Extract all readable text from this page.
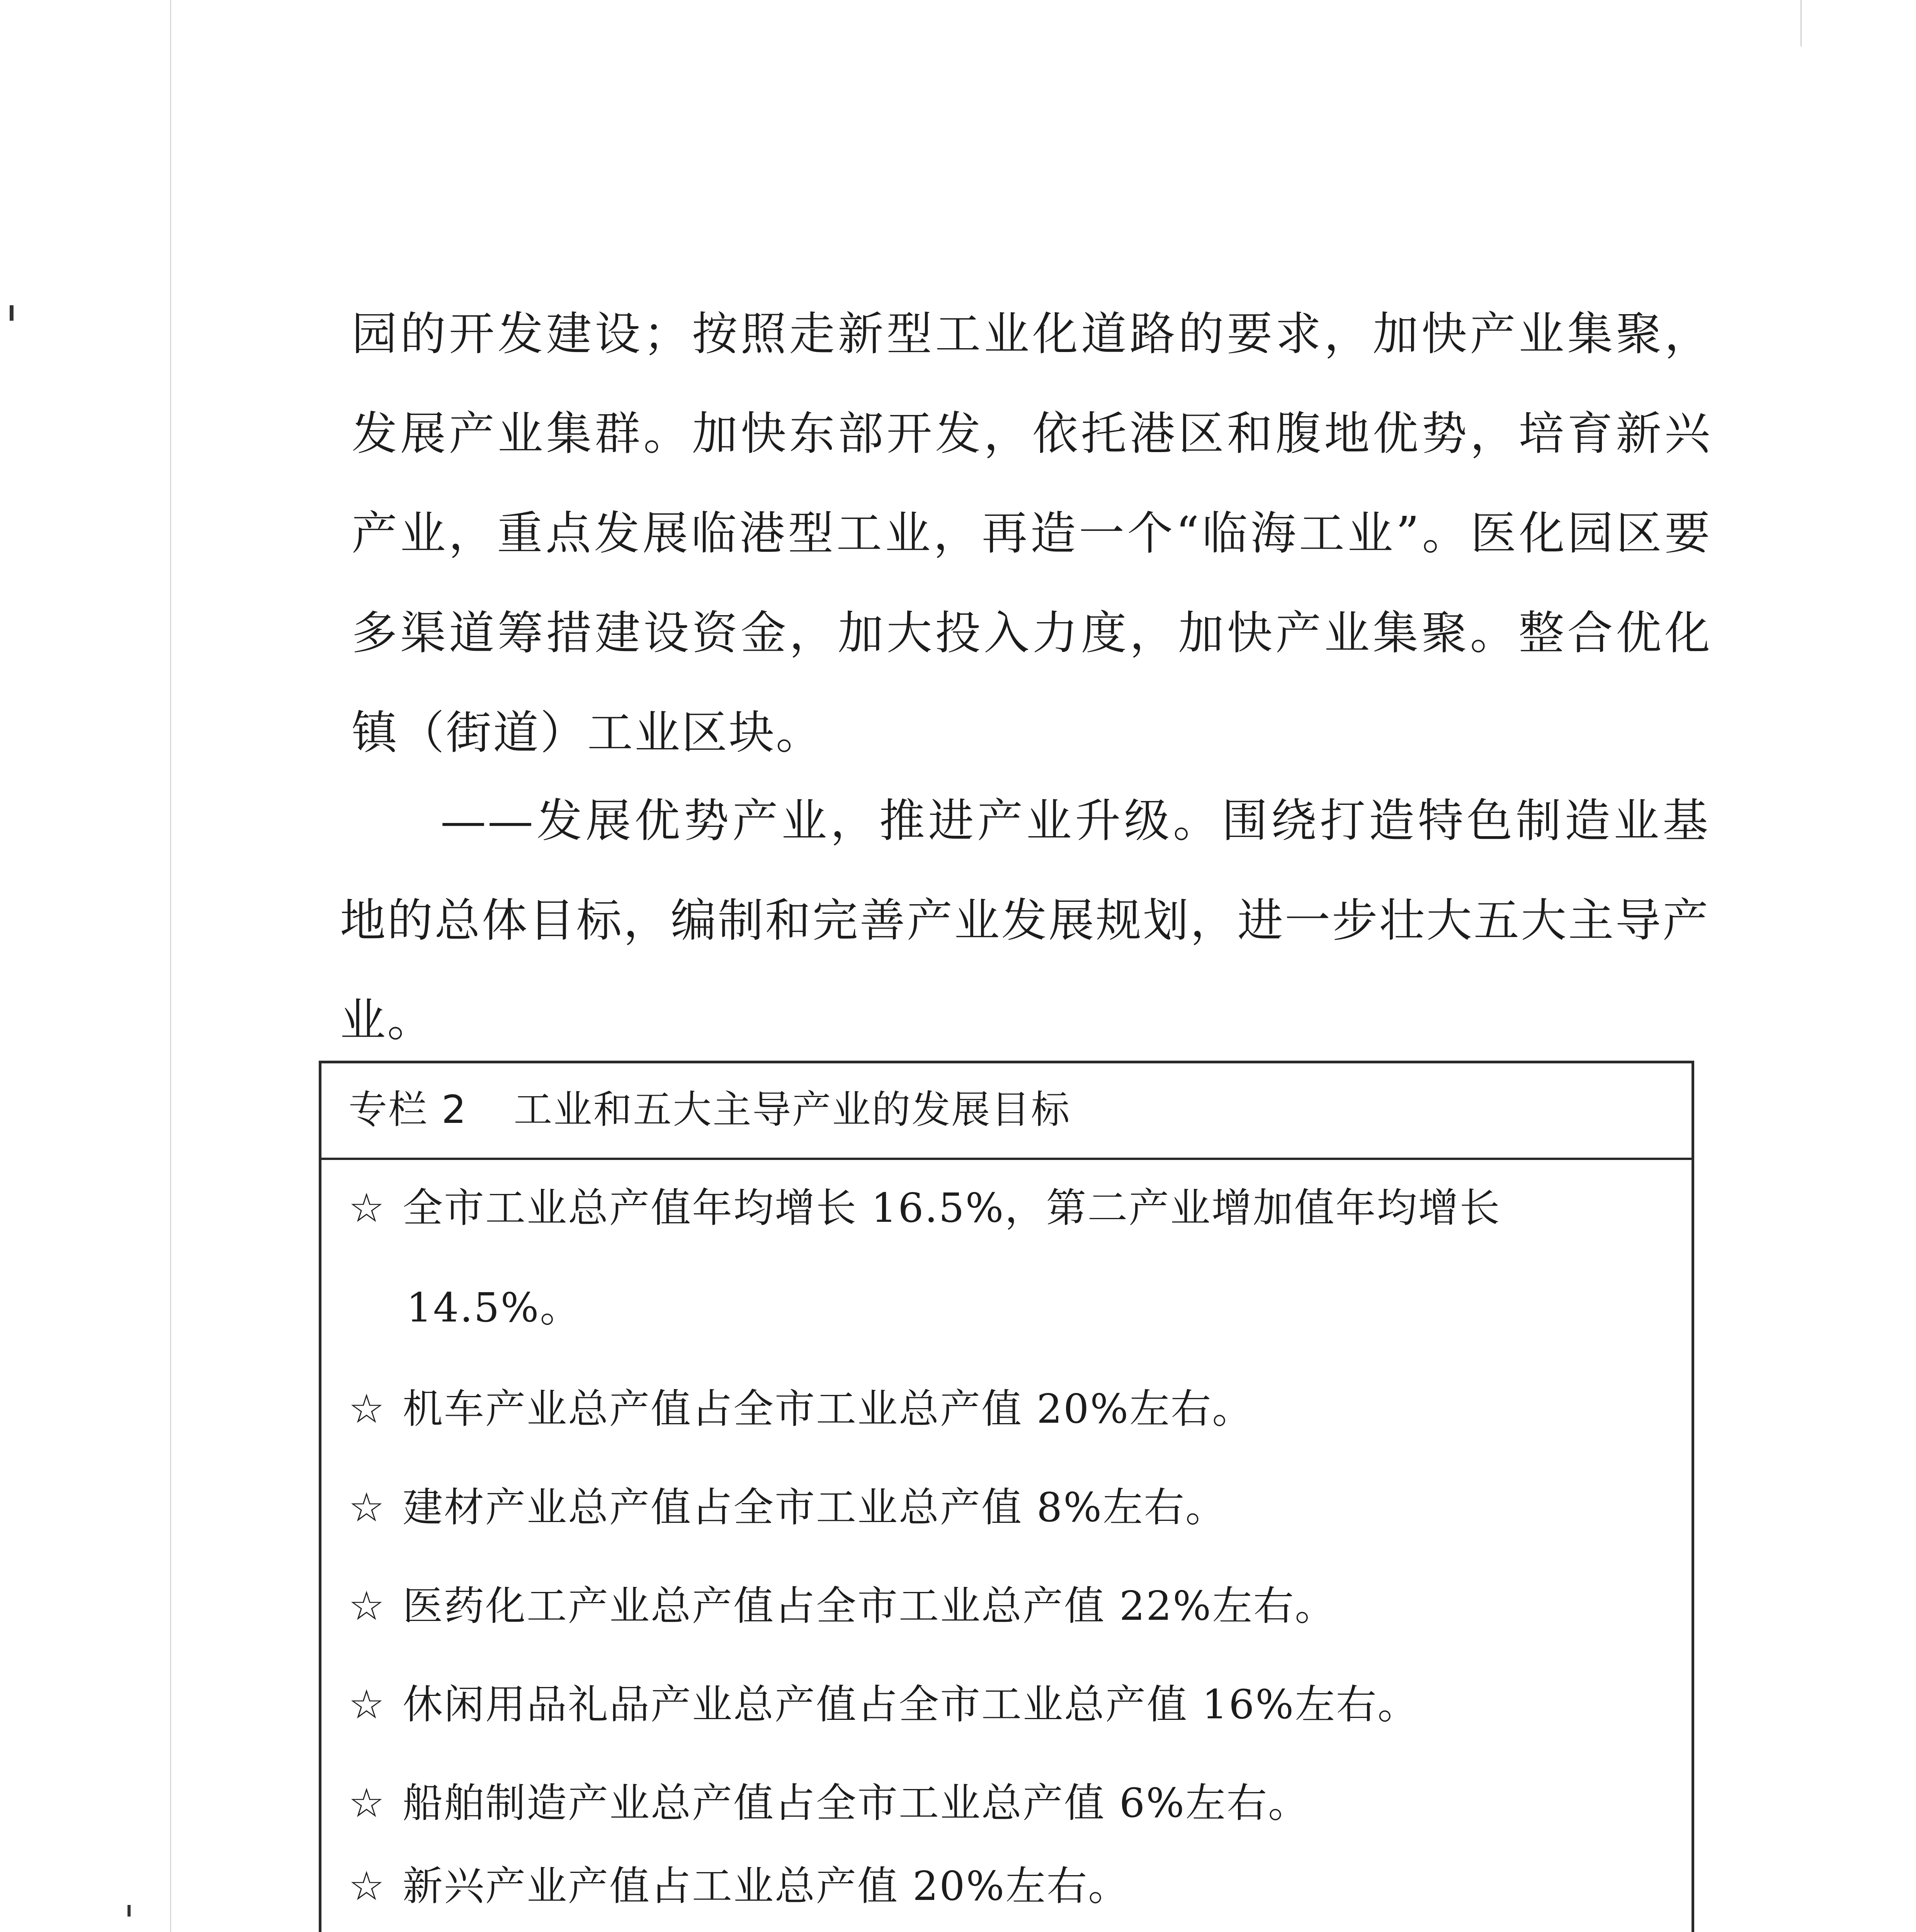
园的开发建设；按照走新型工业化道路的要求，加快产业集聚，发展产业集群。加快东部开发，依托港区和腹地优势，培育新兴产业，重点发展临港型工业，再造一个“临海工业”。医化园区要多渠道筹措建设资金，加大投入力度，加快产业集聚。整合优化镇（街道）工业区块。

——发展优势产业，推进产业升级。围绕打造特色制造业基地的总体目标，编制和完善产业发展规划，进一步壮大五大主导产业。

专栏 2 工业和五大主导产业的发展目标

☆ 全市工业总产值年均增长 16.5%，第二产业增加值年均增长

14.5%。

☆ 机车产业总产值占全市工业总产值 20%左右。

☆ 建材产业总产值占全市工业总产值 8%左右。

☆ 医药化工产业总产值占全市工业总产值 22%左右。

☆ 休闲用品礼品产业总产值占全市工业总产值 16%左右。

☆ 船舶制造产业总产值占全市工业总产值 6%左右。

☆ 新兴产业产值占工业总产值 20%左右。
